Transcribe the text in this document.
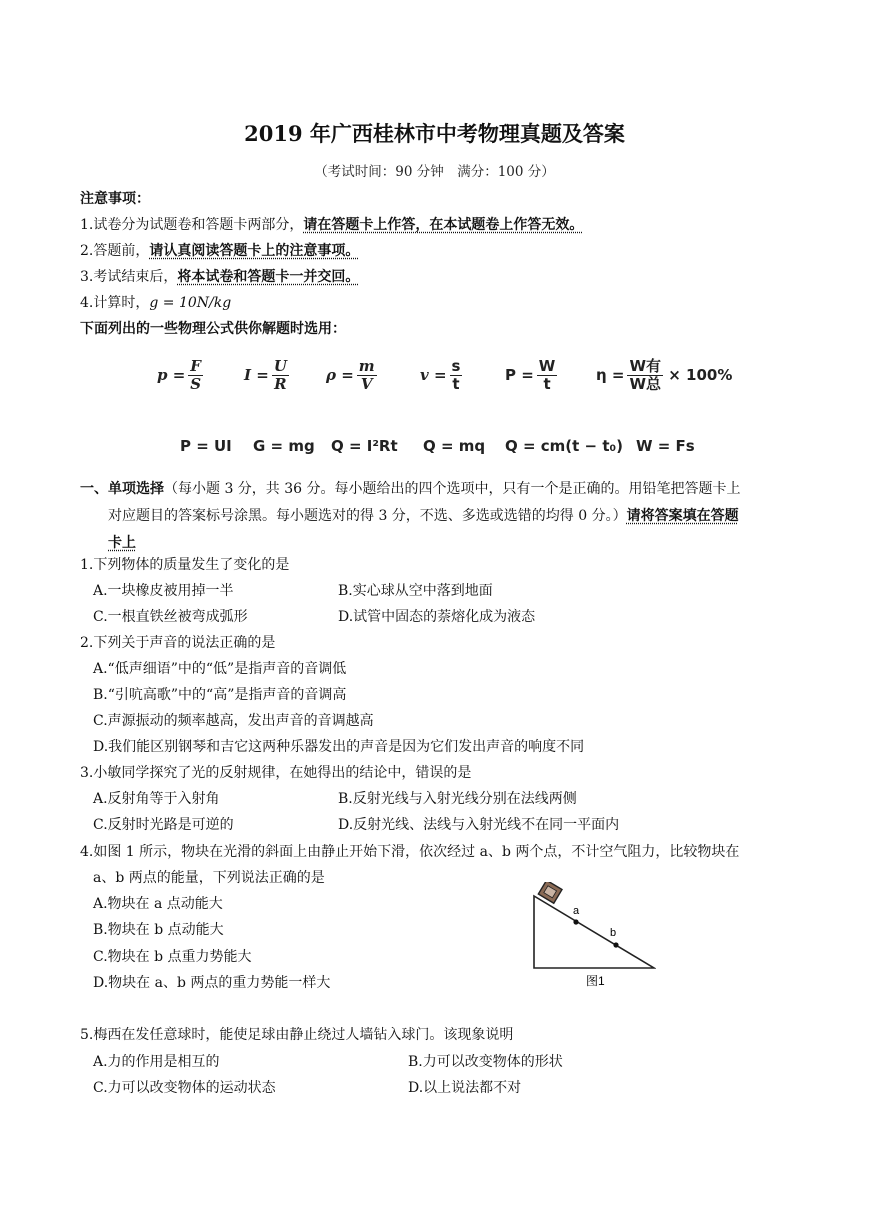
2019 年广西桂林市中考物理真题及答案
（考试时间：90 分钟　满分：100 分）
注意事项：
1.试卷分为试题卷和答题卡两部分，请在答题卡上作答，在本试题卷上作答无效。
2.答题前，请认真阅读答题卡上的注意事项。
3.考试结束后，将本试卷和答题卡一并交回。
4.计算时，g = 10N/kg
下面列出的一些物理公式供你解题时选用：
$p = \frac{F}{S}$	$I = \frac{U}{R}$ $\rho = \frac{m}{V}$	$v = \frac{s}{t}$	$P = \frac{W}{t}$	$\eta = \frac{\text{W有}}{\text{W总}} \times 100\%$
P = UI G = mg Q = I²Rt Q = mq Q = cm(t − t₀) W = Fs
一、单项选择（每小题 3 分，共 36 分。每小题给出的四个选项中，只有一个是正确的。用铅笔把答题卡上
对应题目的答案标号涂黑。每小题选对的得 3 分，不选、多选或选错的均得 0 分。）请将答案填在答题
卡上
1.下列物体的质量发生了变化的是
A.一块橡皮被用掉一半	B.实心球从空中落到地面
C.一根直铁丝被弯成弧形	D.试管中固态的萘熔化成为液态
2.下列关于声音的说法正确的是
A.“低声细语”中的“低”是指声音的音调低
B.“引吭高歌”中的“高”是指声音的音调高
C.声源振动的频率越高，发出声音的音调越高
D.我们能区别钢琴和吉它这两种乐器发出的声音是因为它们发出声音的响度不同
3.小敏同学探究了光的反射规律，在她得出的结论中，错误的是
A.反射角等于入射角	B.反射光线与入射光线分别在法线两侧
C.反射时光路是可逆的	D.反射光线、法线与入射光线不在同一平面内
4.如图 1 所示，物块在光滑的斜面上由静止开始下滑，依次经过 a、b 两个点，不计空气阻力，比较物块在
a、b 两点的能量，下列说法正确的是
A.物块在 a 点动能大
B.物块在 b 点动能大
C.物块在 b 点重力势能大
D.物块在 a、b 两点的重力势能一样大
a
b
图1
5.梅西在发任意球时，能使足球由静止绕过人墙钻入球门。该现象说明
A.力的作用是相互的	B.力可以改变物体的形状
C.力可以改变物体的运动状态	D.以上说法都不对
